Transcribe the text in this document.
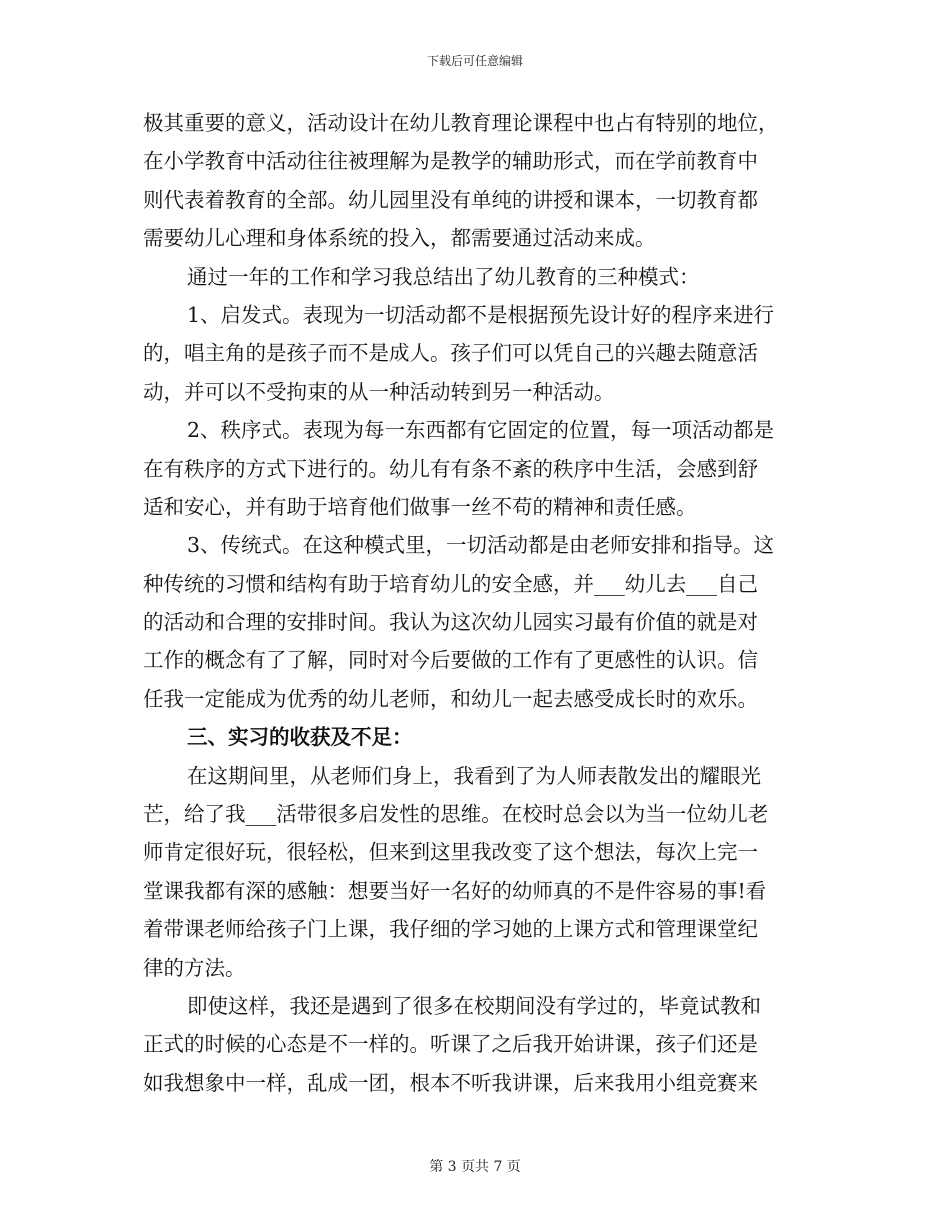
下载后可任意编辑
极其重要的意义，活动设计在幼儿教育理论课程中也占有特别的地位，
在小学教育中活动往往被理解为是教学的辅助形式，而在学前教育中
则代表着教育的全部。幼儿园里没有单纯的讲授和课本，一切教育都
需要幼儿心理和身体系统的投入，都需要通过活动来成。
通过一年的工作和学习我总结出了幼儿教育的三种模式：
1、启发式。表现为一切活动都不是根据预先设计好的程序来进行
的，唱主角的是孩子而不是成人。孩子们可以凭自己的兴趣去随意活
动，并可以不受拘束的从一种活动转到另一种活动。
2、秩序式。表现为每一东西都有它固定的位置，每一项活动都是
在有秩序的方式下进行的。幼儿有有条不紊的秩序中生活，会感到舒
适和安心，并有助于培育他们做事一丝不苟的精神和责任感。
3、传统式。在这种模式里，一切活动都是由老师安排和指导。这
种传统的习惯和结构有助于培育幼儿的安全感，并___幼儿去___自己
的活动和合理的安排时间。我认为这次幼儿园实习最有价值的就是对
工作的概念有了了解，同时对今后要做的工作有了更感性的认识。信
任我一定能成为优秀的幼儿老师，和幼儿一起去感受成长时的欢乐。
三、实习的收获及不足：
在这期间里，从老师们身上，我看到了为人师表散发出的耀眼光
芒，给了我___活带很多启发性的思维。在校时总会以为当一位幼儿老
师肯定很好玩，很轻松，但来到这里我改变了这个想法，每次上完一
堂课我都有深的感触：想要当好一名好的幼师真的不是件容易的事!看
着带课老师给孩子门上课，我仔细的学习她的上课方式和管理课堂纪
律的方法。
即使这样，我还是遇到了很多在校期间没有学过的，毕竟试教和
正式的时候的心态是不一样的。听课了之后我开始讲课，孩子们还是
如我想象中一样，乱成一团，根本不听我讲课，后来我用小组竞赛来
第 3 页共 7 页
